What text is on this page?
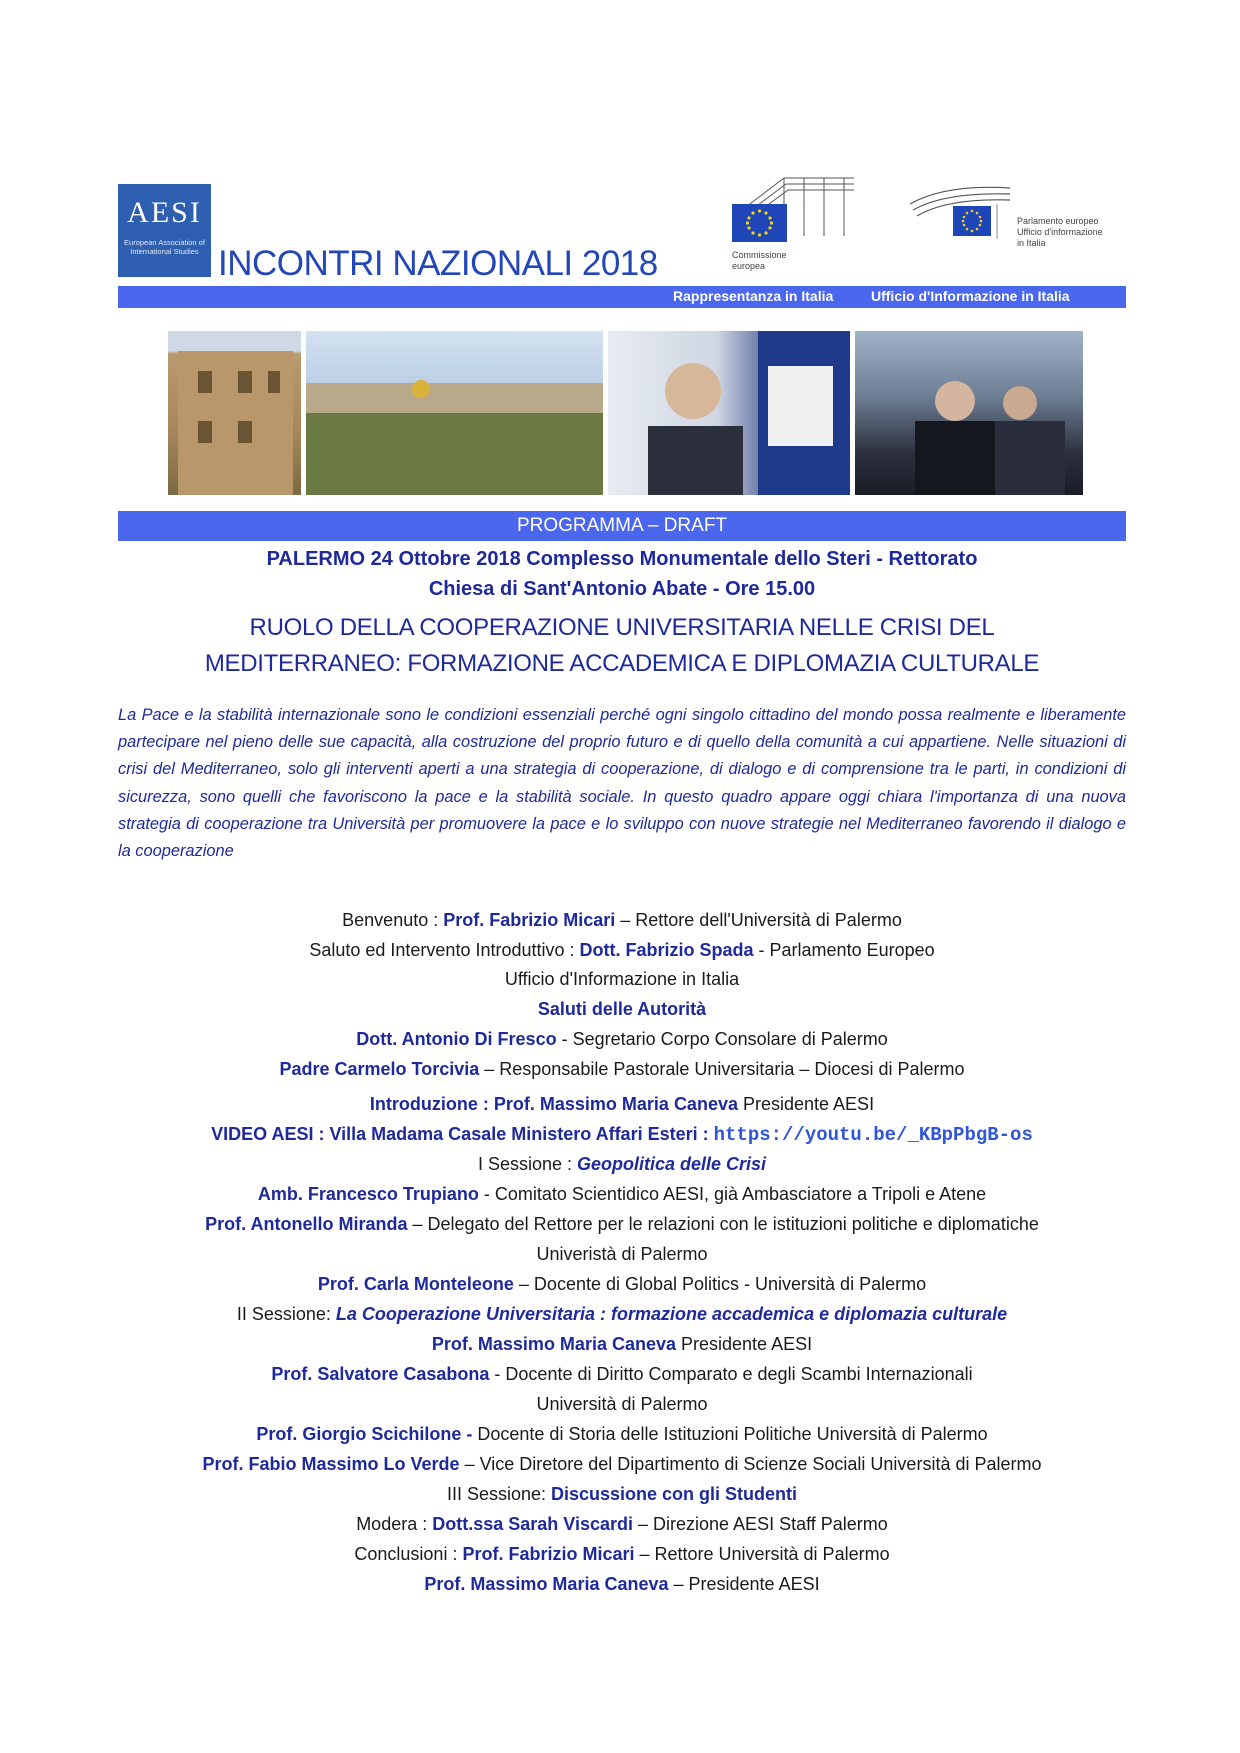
AESI
European Association of International Studies INCONTRI NAZIONALI 2018	Commissione europea
Parlamento europeo
Ufficio d'informazione
in Italia
Rappresentanza in Italia	Ufficio d'Informazione in Italia
PROGRAMMA – DRAFT
PALERMO 24 Ottobre 2018 Complesso Monumentale dello Steri - Rettorato
Chiesa di Sant'Antonio Abate - Ore 15.00
RUOLO DELLA COOPERAZIONE UNIVERSITARIA NELLE CRISI DEL
MEDITERRANEO: FORMAZIONE ACCADEMICA E DIPLOMAZIA CULTURALE
La Pace e la stabilità internazionale sono le condizioni essenziali perché ogni singolo cittadino del mondo possa realmente e liberamente partecipare nel pieno delle sue capacità, alla costruzione del proprio futuro e di quello della comunità a cui appartiene. Nelle situazioni di crisi del Mediterraneo, solo gli interventi aperti a una strategia di cooperazione, di dialogo e di comprensione tra le parti, in condizioni di sicurezza, sono quelli che favoriscono la pace e la stabilità sociale. In questo quadro appare oggi chiara l'importanza di una nuova strategia di cooperazione tra Università per promuovere la pace e lo sviluppo con nuove strategie nel Mediterraneo favorendo il dialogo e la cooperazione
Benvenuto : Prof. Fabrizio Micari – Rettore dell'Università di Palermo
Saluto ed Intervento Introduttivo : Dott. Fabrizio Spada - Parlamento Europeo
Ufficio d'Informazione in Italia
Saluti delle Autorità
Dott. Antonio Di Fresco - Segretario Corpo Consolare di Palermo
Padre Carmelo Torcivia – Responsabile Pastorale Universitaria – Diocesi di Palermo
Introduzione : Prof. Massimo Maria Caneva Presidente AESI
VIDEO AESI : Villa Madama Casale Ministero Affari Esteri : https://youtu.be/_KBpPbgB-os
I Sessione : Geopolitica delle Crisi
Amb. Francesco Trupiano - Comitato Scientidico AESI, già Ambasciatore a Tripoli e Atene
Prof. Antonello Miranda – Delegato del Rettore per le relazioni con le istituzioni politiche e diplomatiche
Univeristà di Palermo
Prof. Carla Monteleone – Docente di Global Politics - Università di Palermo
II Sessione: La Cooperazione Universitaria : formazione accademica e diplomazia culturale
Prof. Massimo Maria Caneva Presidente AESI
Prof. Salvatore Casabona - Docente di Diritto Comparato e degli Scambi Internazionali
Università di Palermo
Prof. Giorgio Scichilone - Docente di Storia delle Istituzioni Politiche Università di Palermo
Prof. Fabio Massimo Lo Verde – Vice Diretore del Dipartimento di Scienze Sociali Università di Palermo
III Sessione: Discussione con gli Studenti
Modera : Dott.ssa Sarah Viscardi – Direzione AESI Staff Palermo
Conclusioni : Prof. Fabrizio Micari – Rettore Università di Palermo
Prof. Massimo Maria Caneva – Presidente AESI
